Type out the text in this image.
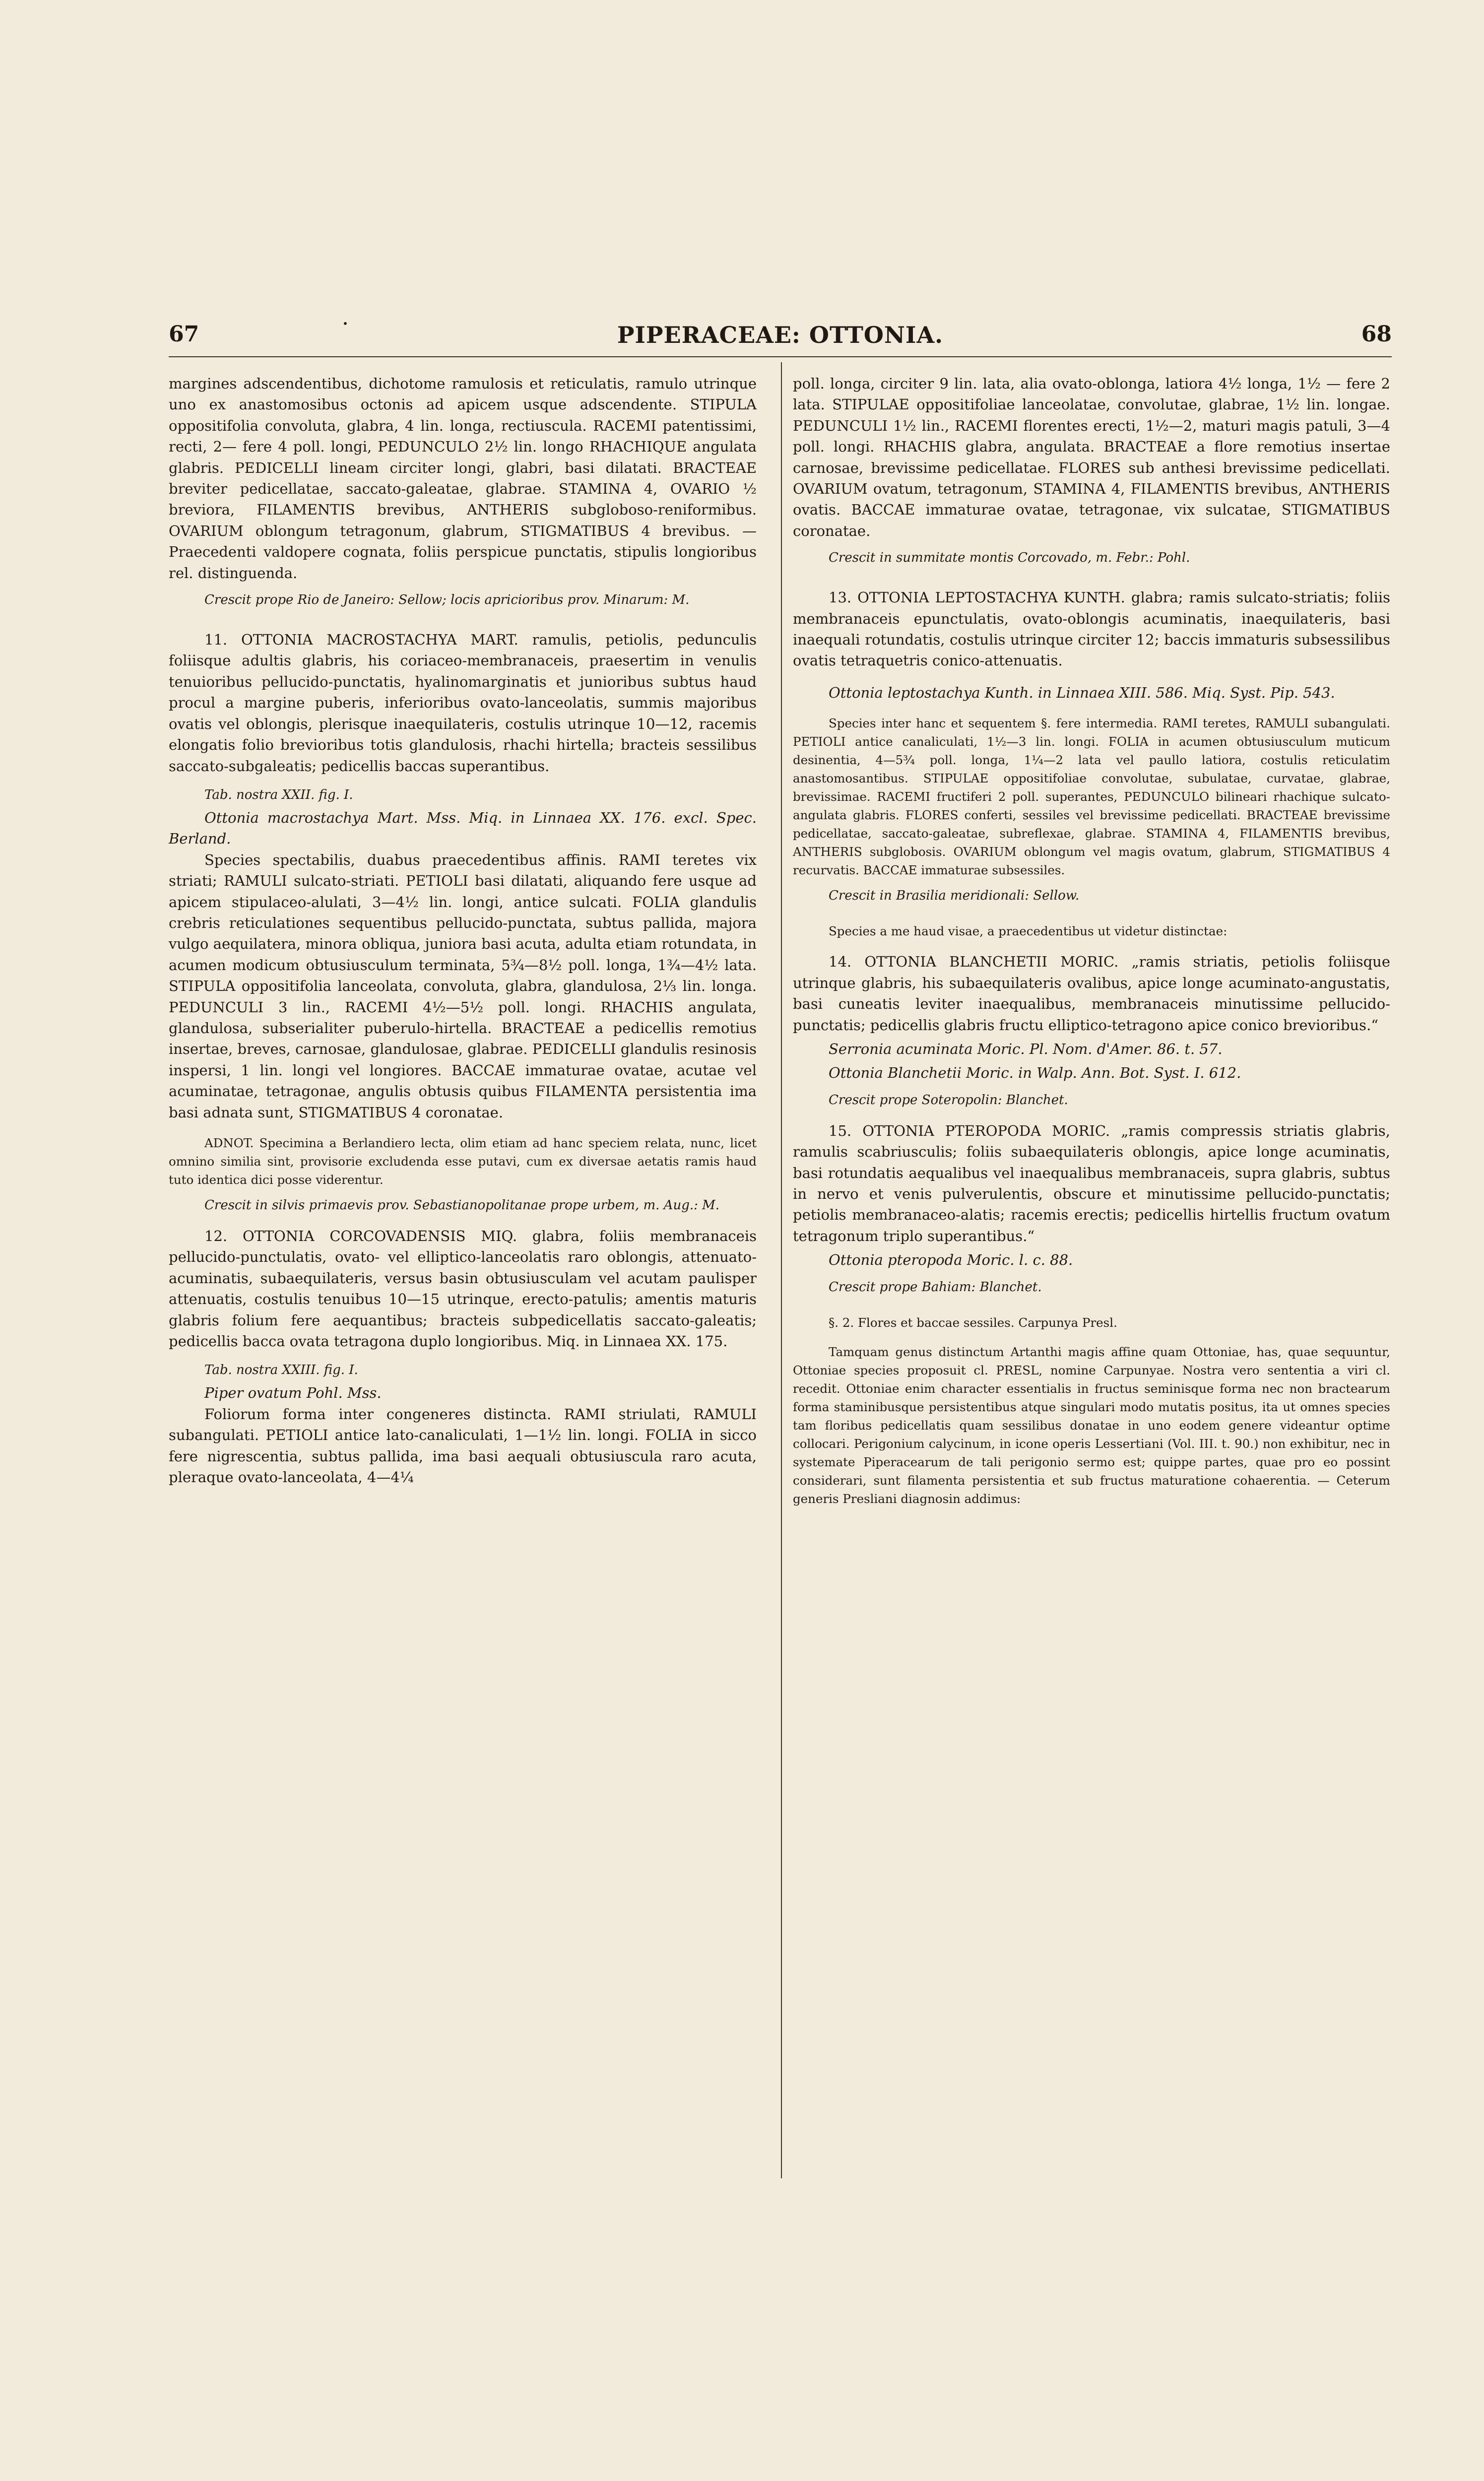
•
67	PIPERACEAE: OTTONIA.	68

margines adscendentibus, dichotome ramulosis et reticulatis, ramulo utrinque uno ex anastomosibus octonis ad apicem usque adscendente. STIPULA oppositifolia convoluta, glabra, 4 lin. longa, rectiuscula. RACEMI patentissimi, recti, 2— fere 4 poll. longi, PEDUNCULO 2½ lin. longo RHACHIQUE angulata glabris. PEDICELLI lineam circiter longi, glabri, basi dilatati. BRACTEAE breviter pedicellatae, saccato-galeatae, glabrae. STAMINA 4, OVARIO ½ breviora, FILAMENTIS brevibus, ANTHERIS subgloboso-reniformibus. OVARIUM oblongum tetragonum, glabrum, STIGMATIBUS 4 brevibus. — Praecedenti valdopere cognata, foliis perspicue punctatis, stipulis longioribus rel. distinguenda.

Crescit prope Rio de Janeiro: Sellow; locis apricioribus prov. Minarum: M.

11. OTTONIA MACROSTACHYA MART. ramulis, petiolis, pedunculis foliisque adultis glabris, his coriaceo-membranaceis, praesertim in venulis tenuioribus pellucido-punctatis, hyalinomarginatis et junioribus subtus haud procul a margine puberis, inferioribus ovato-lanceolatis, summis majoribus ovatis vel oblongis, plerisque inaequilateris, costulis utrinque 10—12, racemis elongatis folio brevioribus totis glandulosis, rhachi hirtella; bracteis sessilibus saccato-subgaleatis; pedicellis baccas superantibus.

Tab. nostra XXII. fig. I.

Ottonia macrostachya Mart. Mss. Miq. in Linnaea XX. 176. excl. Spec. Berland.

Species spectabilis, duabus praecedentibus affinis. RAMI teretes vix striati; RAMULI sulcato-striati. PETIOLI basi dilatati, aliquando fere usque ad apicem stipulaceo-alulati, 3—4½ lin. longi, antice sulcati. FOLIA glandulis crebris reticulationes sequentibus pellucido-punctata, subtus pallida, majora vulgo aequilatera, minora obliqua, juniora basi acuta, adulta etiam rotundata, in acumen modicum obtusiusculum terminata, 5¾—8½ poll. longa, 1¾—4½ lata. STIPULA oppositifolia lanceolata, convoluta, glabra, glandulosa, 2⅓ lin. longa. PEDUNCULI 3 lin., RACEMI 4½—5½ poll. longi. RHACHIS angulata, glandulosa, subserialiter puberulo-hirtella. BRACTEAE a pedicellis remotius insertae, breves, carnosae, glandulosae, glabrae. PEDICELLI glandulis resinosis inspersi, 1 lin. longi vel longiores. BACCAE immaturae ovatae, acutae vel acuminatae, tetragonae, angulis obtusis quibus FILAMENTA persistentia ima basi adnata sunt, STIGMATIBUS 4 coronatae.

ADNOT. Specimina a Berlandiero lecta, olim etiam ad hanc speciem relata, nunc, licet omnino similia sint, provisorie excludenda esse putavi, cum ex diversae aetatis ramis haud tuto identica dici posse viderentur.

Crescit in silvis primaevis prov. Sebastianopolitanae prope urbem, m. Aug.: M.

12. OTTONIA CORCOVADENSIS MIQ. glabra, foliis membranaceis pellucido-punctulatis, ovato- vel elliptico-lanceolatis raro oblongis, attenuato-acuminatis, subaequilateris, versus basin obtusiusculam vel acutam paulisper attenuatis, costulis tenuibus 10—15 utrinque, erecto-patulis; amentis maturis glabris folium fere aequantibus; bracteis subpedicellatis saccato-galeatis; pedicellis bacca ovata tetragona duplo longioribus. Miq. in Linnaea XX. 175.

Tab. nostra XXIII. fig. I.

Piper ovatum Pohl. Mss.

Foliorum forma inter congeneres distincta. RAMI striulati, RAMULI subangulati. PETIOLI antice lato-canaliculati, 1—1½ lin. longi. FOLIA in sicco fere nigrescentia, subtus pallida, ima basi aequali obtusiuscula raro acuta, pleraque ovato-lanceolata, 4—4¼

poll. longa, circiter 9 lin. lata, alia ovato-oblonga, latiora 4½ longa, 1½ — fere 2 lata. STIPULAE oppositifoliae lanceolatae, convolutae, glabrae, 1½ lin. longae. PEDUNCULI 1½ lin., RACEMI florentes erecti, 1½—2, maturi magis patuli, 3—4 poll. longi. RHACHIS glabra, angulata. BRACTEAE a flore remotius insertae carnosae, brevissime pedicellatae. FLORES sub anthesi brevissime pedicellati. OVARIUM ovatum, tetragonum, STAMINA 4, FILAMENTIS brevibus, ANTHERIS ovatis. BACCAE immaturae ovatae, tetragonae, vix sulcatae, STIGMATIBUS coronatae.

Crescit in summitate montis Corcovado, m. Febr.: Pohl.

13. OTTONIA LEPTOSTACHYA KUNTH. glabra; ramis sulcato-striatis; foliis membranaceis epunctulatis, ovato-oblongis acuminatis, inaequilateris, basi inaequali rotundatis, costulis utrinque circiter 12; baccis immaturis subsessilibus ovatis tetraquetris conico-attenuatis.

Ottonia leptostachya Kunth. in Linnaea XIII. 586. Miq. Syst. Pip. 543.

Species inter hanc et sequentem §. fere intermedia. RAMI teretes, RAMULI subangulati. PETIOLI antice canaliculati, 1½—3 lin. longi. FOLIA in acumen obtusiusculum muticum desinentia, 4—5¾ poll. longa, 1¼—2 lata vel paullo latiora, costulis reticulatim anastomosantibus. STIPULAE oppositifoliae convolutae, subulatae, curvatae, glabrae, brevissimae. RACEMI fructiferi 2 poll. superantes, PEDUNCULO bilineari rhachique sulcato-angulata glabris. FLORES conferti, sessiles vel brevissime pedicellati. BRACTEAE brevissime pedicellatae, saccato-galeatae, subreflexae, glabrae. STAMINA 4, FILAMENTIS brevibus, ANTHERIS subglobosis. OVARIUM oblongum vel magis ovatum, glabrum, STIGMATIBUS 4 recurvatis. BACCAE immaturae subsessiles.

Crescit in Brasilia meridionali: Sellow.

Species a me haud visae, a praecedentibus ut videtur distinctae:

14. OTTONIA BLANCHETII MORIC. „ramis striatis, petiolis foliisque utrinque glabris, his subaequilateris ovalibus, apice longe acuminato-angustatis, basi cuneatis leviter inaequalibus, membranaceis minutissime pellucido-punctatis; pedicellis glabris fructu elliptico-tetragono apice conico brevioribus.“

Serronia acuminata Moric. Pl. Nom. d'Amer. 86. t. 57.

Ottonia Blanchetii Moric. in Walp. Ann. Bot. Syst. I. 612.

Crescit prope Soteropolin: Blanchet.

15. OTTONIA PTEROPODA MORIC. „ramis compressis striatis glabris, ramulis scabriusculis; foliis subaequilateris oblongis, apice longe acuminatis, basi rotundatis aequalibus vel inaequalibus membranaceis, supra glabris, subtus in nervo et venis pulverulentis, obscure et minutissime pellucido-punctatis; petiolis membranaceo-alatis; racemis erectis; pedicellis hirtellis fructum ovatum tetragonum triplo superantibus.“

Ottonia pteropoda Moric. l. c. 88.

Crescit prope Bahiam: Blanchet.

§. 2. Flores et baccae sessiles. Carpunya Presl.

Tamquam genus distinctum Artanthi magis affine quam Ottoniae, has, quae sequuntur, Ottoniae species proposuit cl. PRESL, nomine Carpunyae. Nostra vero sententia a viri cl. recedit. Ottoniae enim character essentialis in fructus seminisque forma nec non bractearum forma staminibusque persistentibus atque singulari modo mutatis positus, ita ut omnes species tam floribus pedicellatis quam sessilibus donatae in uno eodem genere videantur optime collocari. Perigonium calycinum, in icone operis Lessertiani (Vol. III. t. 90.) non exhibitur, nec in systemate Piperacearum de tali perigonio sermo est; quippe partes, quae pro eo possint considerari, sunt filamenta persistentia et sub fructus maturatione cohaerentia. — Ceterum generis Presliani diagnosin addimus:
